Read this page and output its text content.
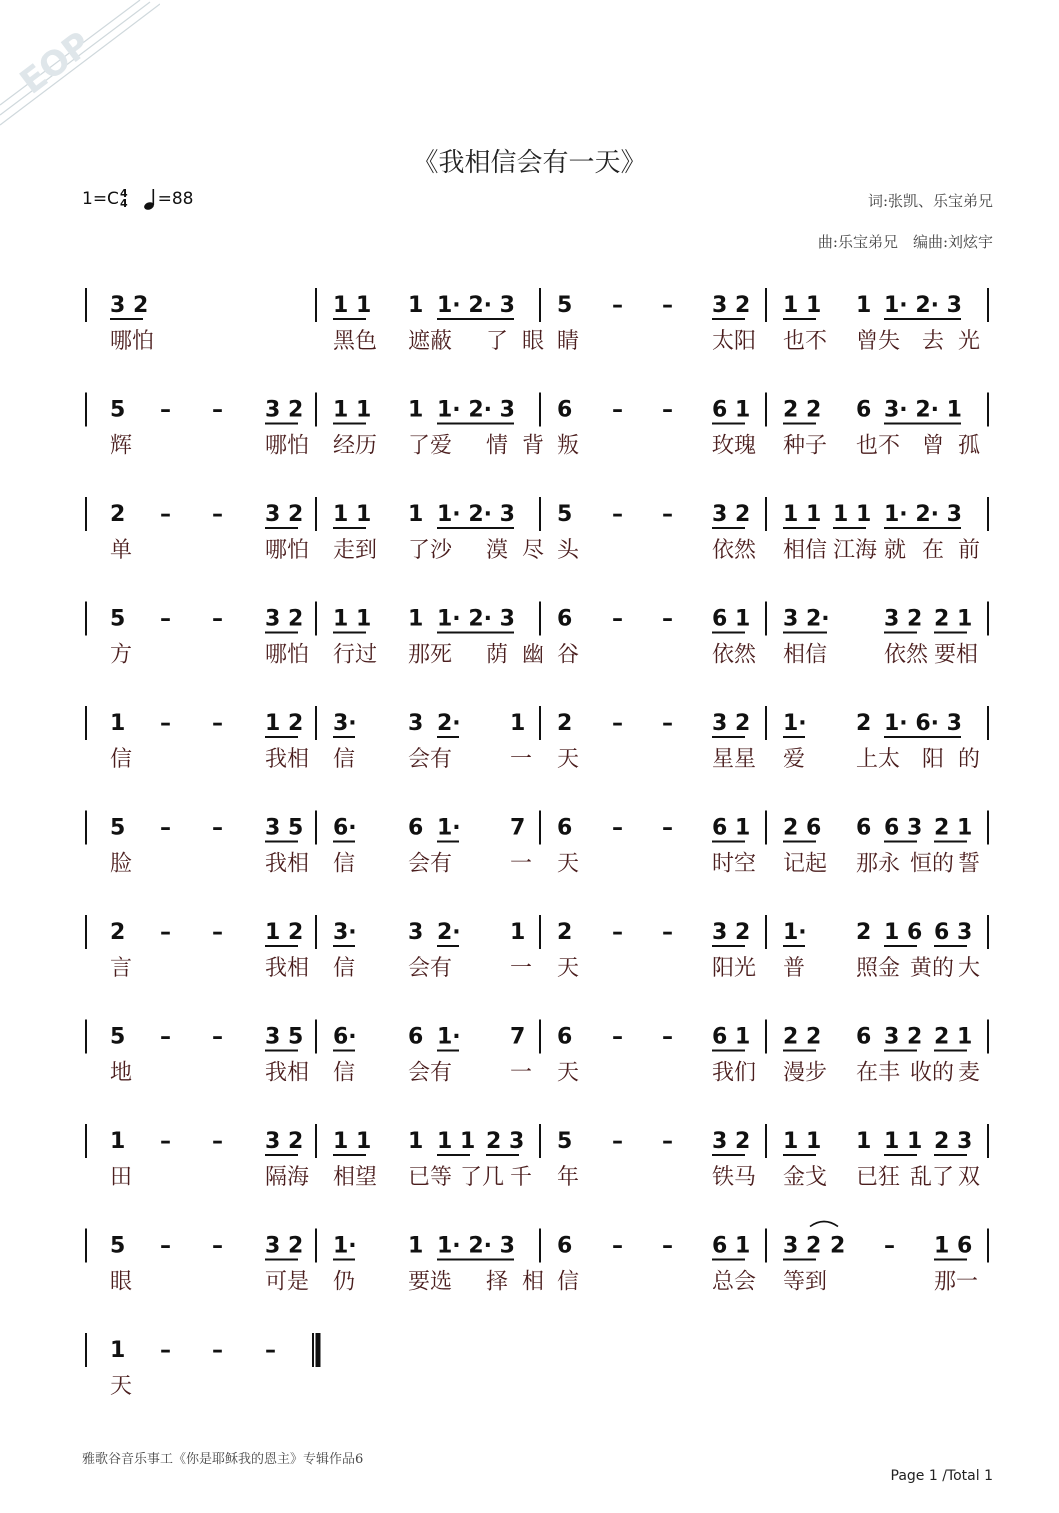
EOP
《我相信会有一天》
1=C 4
4 =88	词:张凯、乐宝弟兄
曲:乐宝弟兄　编曲:刘炫宇
3 2	1 1 1 1· 2· 3 5 – – 3 2 1 1 1 1· 2· 3
哪怕	黑色 遮蔽 了 眼 睛	太阳 也不 曾失 去 光
5 – – 3 2 1 1 1 1· 2· 3 6 – – 6 1 2 2 6 3· 2· 1
辉	哪怕 经历 了爱 情 背 叛	玫瑰 种子 也不 曾 孤
2 – – 3 2 1 1 1 1· 2· 3 5 – – 3 2 1 1 1 1 1· 2· 3
单	哪怕 走到 了沙 漠 尽 头	依然 相信 江海 就 在 前
5 – – 3 2 1 1 1 1· 2· 3 6 – – 6 1 3 2· 3 2 2 1
方	哪怕 行过 那死 荫 幽 谷	依然 相信	依然 要相
1 – – 1 2 3· 3 2· 1 2 – – 3 2 1· 2 1· 6· 3
信	我相 信 会有	一 天	星星 爱 上太 阳 的
5 – – 3 5 6· 6 1· 7 6 – – 6 1 2 6 6 6 3 2 1
脸	我相 信 会有	一 天	时空 记起 那永 恒的 誓
2 – – 1 2 3· 3 2· 1 2 – – 3 2 1· 2 1 6 6 3
言	我相 信 会有	一 天	阳光 普 照金 黄的 大
5 – – 3 5 6· 6 1· 7 6 – – 6 1 2 2 6 3 2 2 1
地	我相 信 会有	一 天	我们 漫步 在丰 收的 麦
1 – – 3 2 1 1 1 1 1 2 3 5 – – 3 2 1 1 1 1 1 2 3
田	隔海 相望 已等 了几 千 年	铁马 金戈 已狂 乱了 双
5 – – 3 2 1· 1 1· 2· 3 6 – – 6 1 3 2 2 – 1 6
眼	可是 仍 要选 择 相 信	总会 等到	那一
1 – – –
天
雅歌谷音乐事工《你是耶稣我的恩主》专辑作品6
Page 1 /Total 1
